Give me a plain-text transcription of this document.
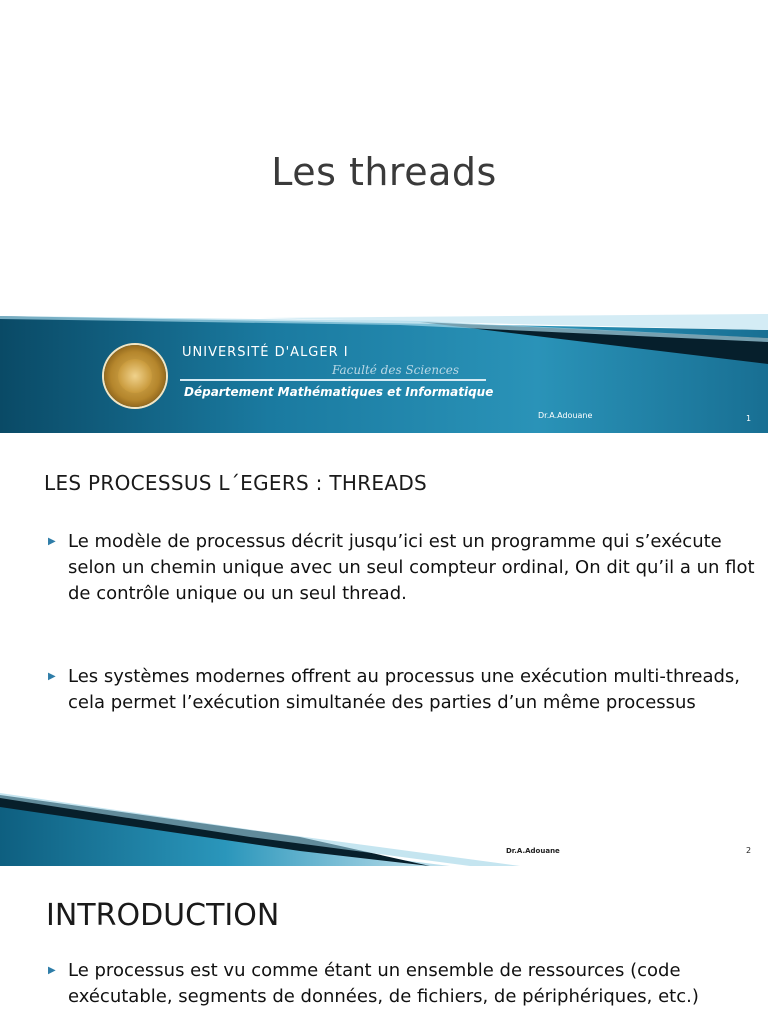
Les threads
UNIVERSITÉ D'ALGER I
Faculté des Sciences
Département Mathématiques et Informatique
Dr.A.Adouane	1
LES PROCESSUS L´EGERS : THREADS
▶ Le modèle de processus décrit jusqu’ici est un programme qui s’exécute selon un chemin unique avec un seul compteur ordinal, On dit qu’il a un flot de contrôle unique ou un seul thread.
▶ Les systèmes modernes offrent au processus une exécution multi-threads, cela permet l’exécution simultanée des parties d’un même processus
Dr.A.Adouane	2
INTRODUCTION
▶ Le processus est vu comme étant un ensemble de ressources (code exécutable, segments de données, de fichiers, de périphériques, etc.)
